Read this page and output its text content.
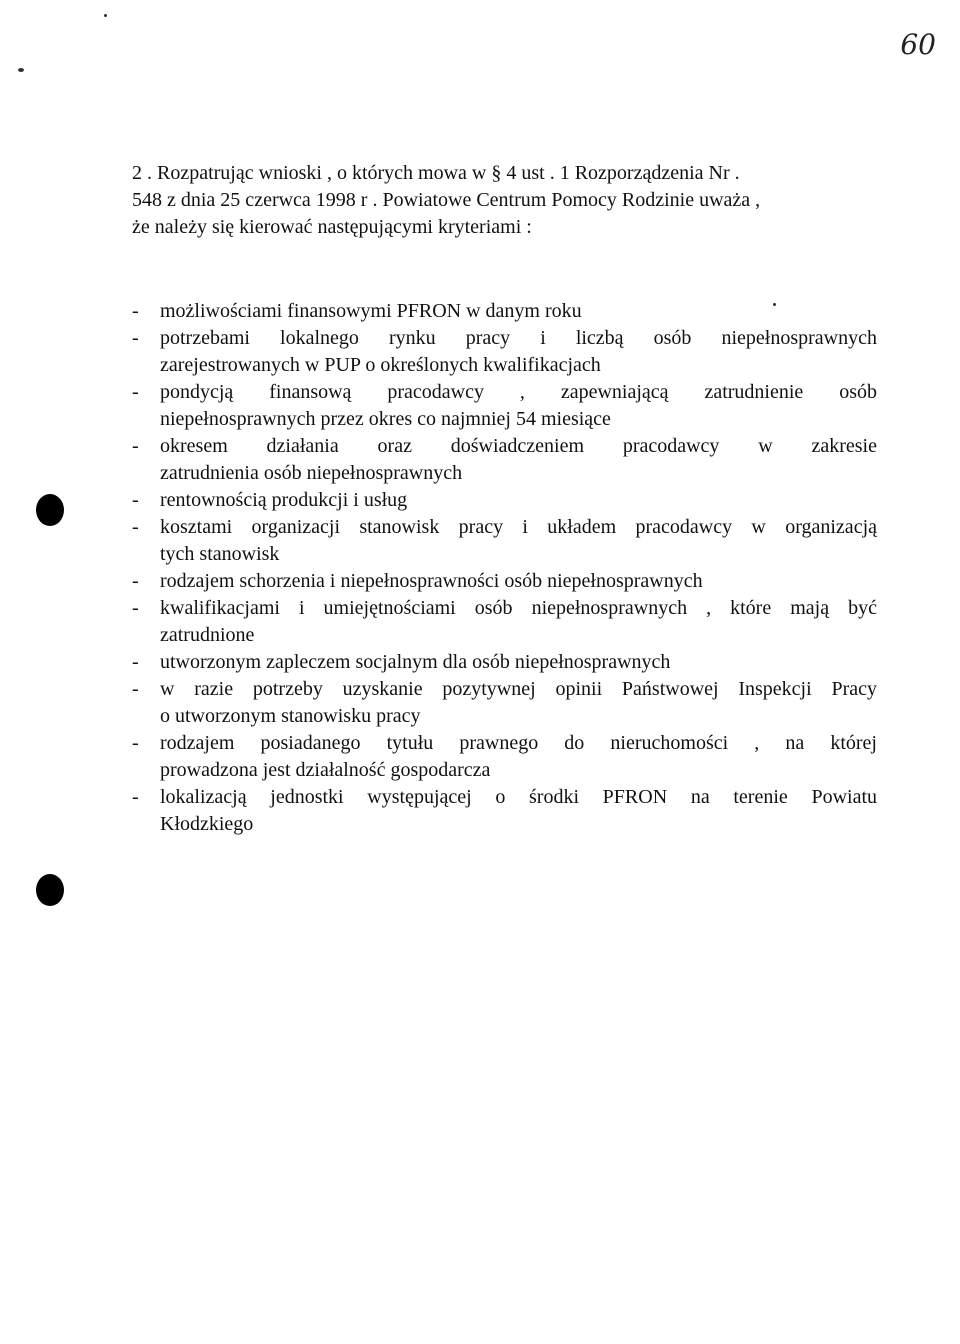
60
2 . Rozpatrując wnioski , o których mowa w § 4 ust . 1 Rozporządzenia Nr .
548 z dnia 25 czerwca 1998 r . Powiatowe Centrum Pomocy Rodzinie uważa ,
że należy się kierować następującymi kryteriami :
- możliwościami finansowymi PFRON w danym roku
- potrzebami lokalnego rynku pracy i liczbą osób niepełnosprawnych
zarejestrowanych w PUP o określonych kwalifikacjach
- pondycją finansową pracodawcy , zapewniającą zatrudnienie osób
niepełnosprawnych przez okres co najmniej 54 miesiące
- okresem działania oraz doświadczeniem pracodawcy w zakresie
zatrudnienia osób niepełnosprawnych
- rentownością produkcji i usług
- kosztami organizacji stanowisk pracy i układem pracodawcy w organizacją
tych stanowisk
- rodzajem schorzenia i niepełnosprawności osób niepełnosprawnych
- kwalifikacjami i umiejętnościami osób niepełnosprawnych , które mają być
zatrudnione
- utworzonym zapleczem socjalnym dla osób niepełnosprawnych
- w razie potrzeby uzyskanie pozytywnej opinii Państwowej Inspekcji Pracy
o utworzonym stanowisku pracy
- rodzajem posiadanego tytułu prawnego do nieruchomości , na której
prowadzona jest działalność gospodarcza
- lokalizacją jednostki występującej o środki PFRON na terenie Powiatu
Kłodzkiego
